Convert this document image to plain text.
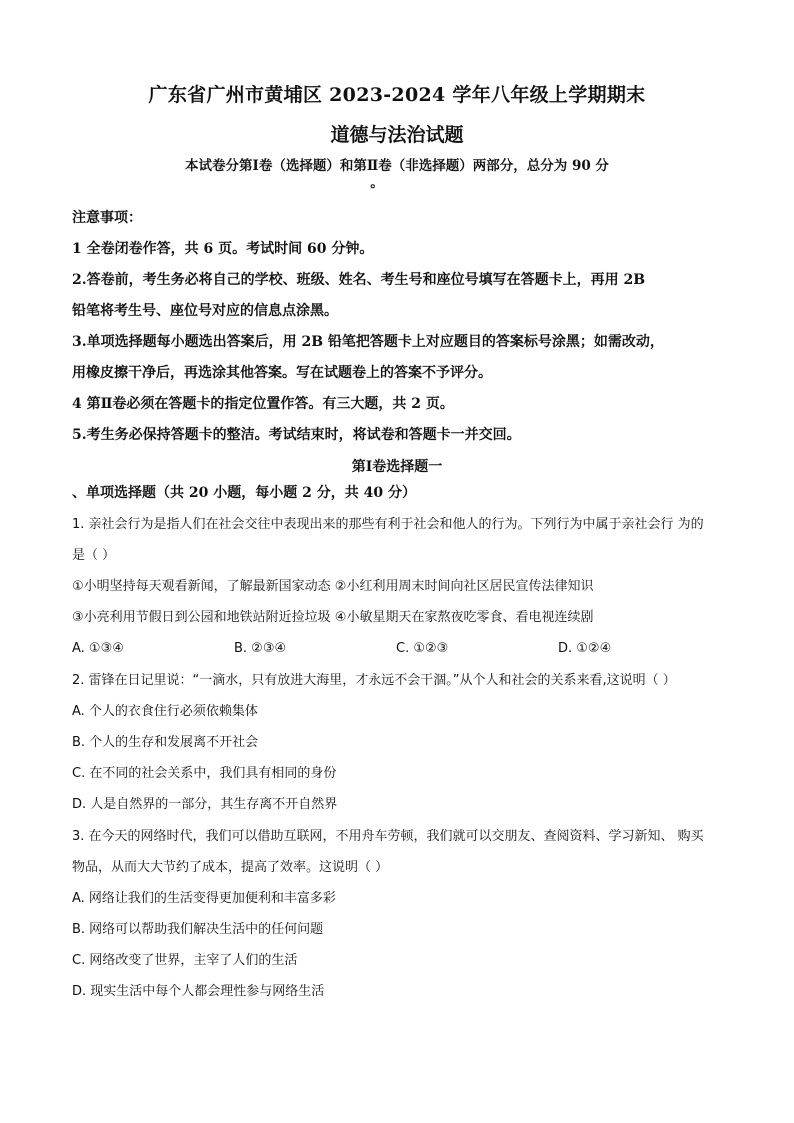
广东省广州市黄埔区 2023-2024 学年八年级上学期期末
道德与法治试题
本试卷分第Ⅰ卷（选择题）和第Ⅱ卷（非选择题）两部分，总分为 90 分
。
注意事项：
1 全卷闭卷作答，共 6 页。考试时间 60 分钟。
2.答卷前，考生务必将自己的学校、班级、姓名、考生号和座位号填写在答题卡上，再用 2B
铅笔将考生号、座位号对应的信息点涂黑。
3.单项选择题每小题选出答案后，用 2B 铅笔把答题卡上对应题目的答案标号涂黑；如需改动，
用橡皮擦干净后，再选涂其他答案。写在试题卷上的答案不予评分。
4 第Ⅱ卷必须在答题卡的指定位置作答。有三大题，共 2 页。
5.考生务必保持答题卡的整洁。考试结束时，将试卷和答题卡一并交回。
第Ⅰ卷选择题一
、单项选择题（共 20 小题，每小题 2 分，共 40 分）
1. 亲社会行为是指人们在社会交往中表现出来的那些有利于社会和他人的行为。下列行为中属于亲社会行 为的
是（ ）
①小明坚持每天观看新闻，了解最新国家动态 ②小红利用周末时间向社区居民宣传法律知识
③小亮利用节假日到公园和地铁站附近捡垃圾 ④小敏星期天在家熬夜吃零食、看电视连续剧
A. ①③④	B. ②③④	C. ①②③	D. ①②④
2. 雷锋在日记里说：“一滴水，只有放进大海里，才永远不会干涸。”从个人和社会的关系来看,这说明（ ）
A. 个人的衣食住行必须依赖集体
B. 个人的生存和发展离不开社会
C. 在不同的社会关系中，我们具有相同的身份
D. 人是自然界的一部分，其生存离不开自然界
3. 在今天的网络时代，我们可以借助互联网，不用舟车劳顿，我们就可以交朋友、查阅资料、学习新知、 购买
物品，从而大大节约了成本，提高了效率。这说明（ ）
A. 网络让我们的生活变得更加便利和丰富多彩
B. 网络可以帮助我们解决生活中的任何问题
C. 网络改变了世界，主宰了人们的生活
D. 现实生活中每个人都会理性参与网络生活
